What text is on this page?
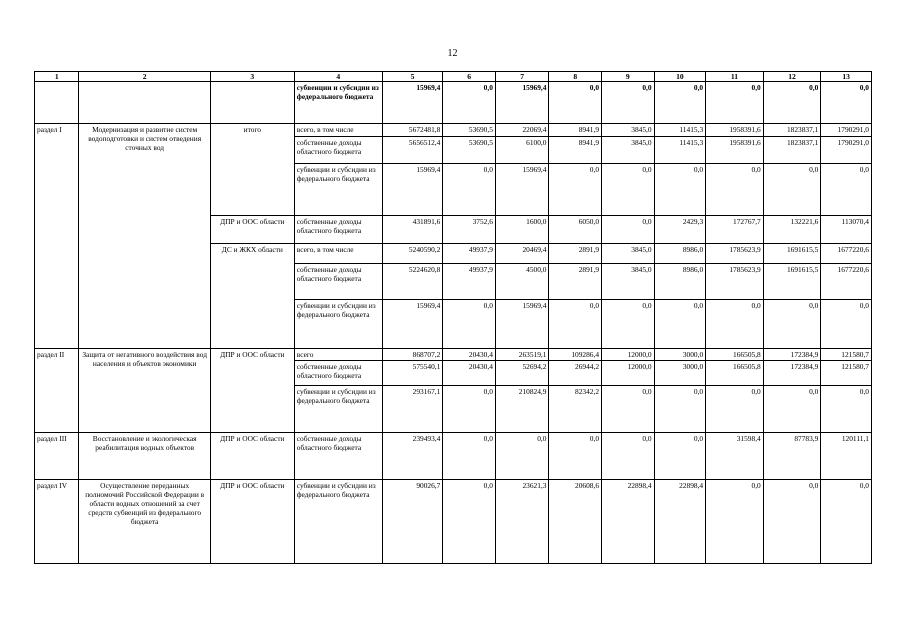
12
1	2	3	4	5	6	7	8	9	10	11	12	13
			субвенции и субсидии из федерального бюджета	15969,4	0,0	15969,4	0,0	0,0	0,0	0,0	0,0	0,0
раздел I	Модернизация и развитие систем водоподготовки и систем отведения сточных вод	итого	всего, в том числе	5672481,8	53690,5	22069,4	8941,9	3845,0	11415,3	1958391,6	1823837,1	1790291,0
			собственные доходы областного бюджета	5656512,4	53690,5	6100,0	8941,9	3845,0	11415,3	1958391,6	1823837,1	1790291,0
			субвенции и субсидии из федерального бюджета	15969,4	0,0	15969,4	0,0	0,0	0,0	0,0	0,0	0,0
		ДПР и ООС области	собственные доходы областного бюджета	431891,6	3752,6	1600,0	6050,0	0,0	2429,3	172767,7	132221,6	113070,4
		ДС и ЖКХ области	всего, в том числе	5240590,2	49937,9	20469,4	2891,9	3845,0	8986,0	1785623,9	1691615,5	1677220,6
			собственные доходы областного бюджета	5224620,8	49937,9	4500,0	2891,9	3845,0	8986,0	1785623,9	1691615,5	1677220,6
			субвенции и субсидии из федерального бюджета	15969,4	0,0	15969,4	0,0	0,0	0,0	0,0	0,0	0,0
раздел II	Защита от негативного воздействия вод населения и объектов экономики	ДПР и ООС области	всего	868707,2	20430,4	263519,1	109286,4	12000,0	3000,0	166505,8	172384,9	121580,7
			собственные доходы областного бюджета	575540,1	20430,4	52694,2	26944,2	12000,0	3000,0	166505,8	172384,9	121580,7
			субвенции и субсидии из федерального бюджета	293167,1	0,0	210824,9	82342,2	0,0	0,0	0,0	0,0	0,0
раздел III	Восстановление и экологическая реабилитация водных объектов	ДПР и ООС области	собственные доходы областного бюджета	239493,4	0,0	0,0	0,0	0,0	0,0	31598,4	87783,9	120111,1
раздел IV	Осуществление переданных полномочий Российской Федерации в области водных отношений за счет средств субвенций из федерального бюджета	ДПР и ООС области	субвенции и субсидии из федерального бюджета	90026,7	0,0	23621,3	20608,6	22898,4	22898,4	0,0	0,0	0,0
